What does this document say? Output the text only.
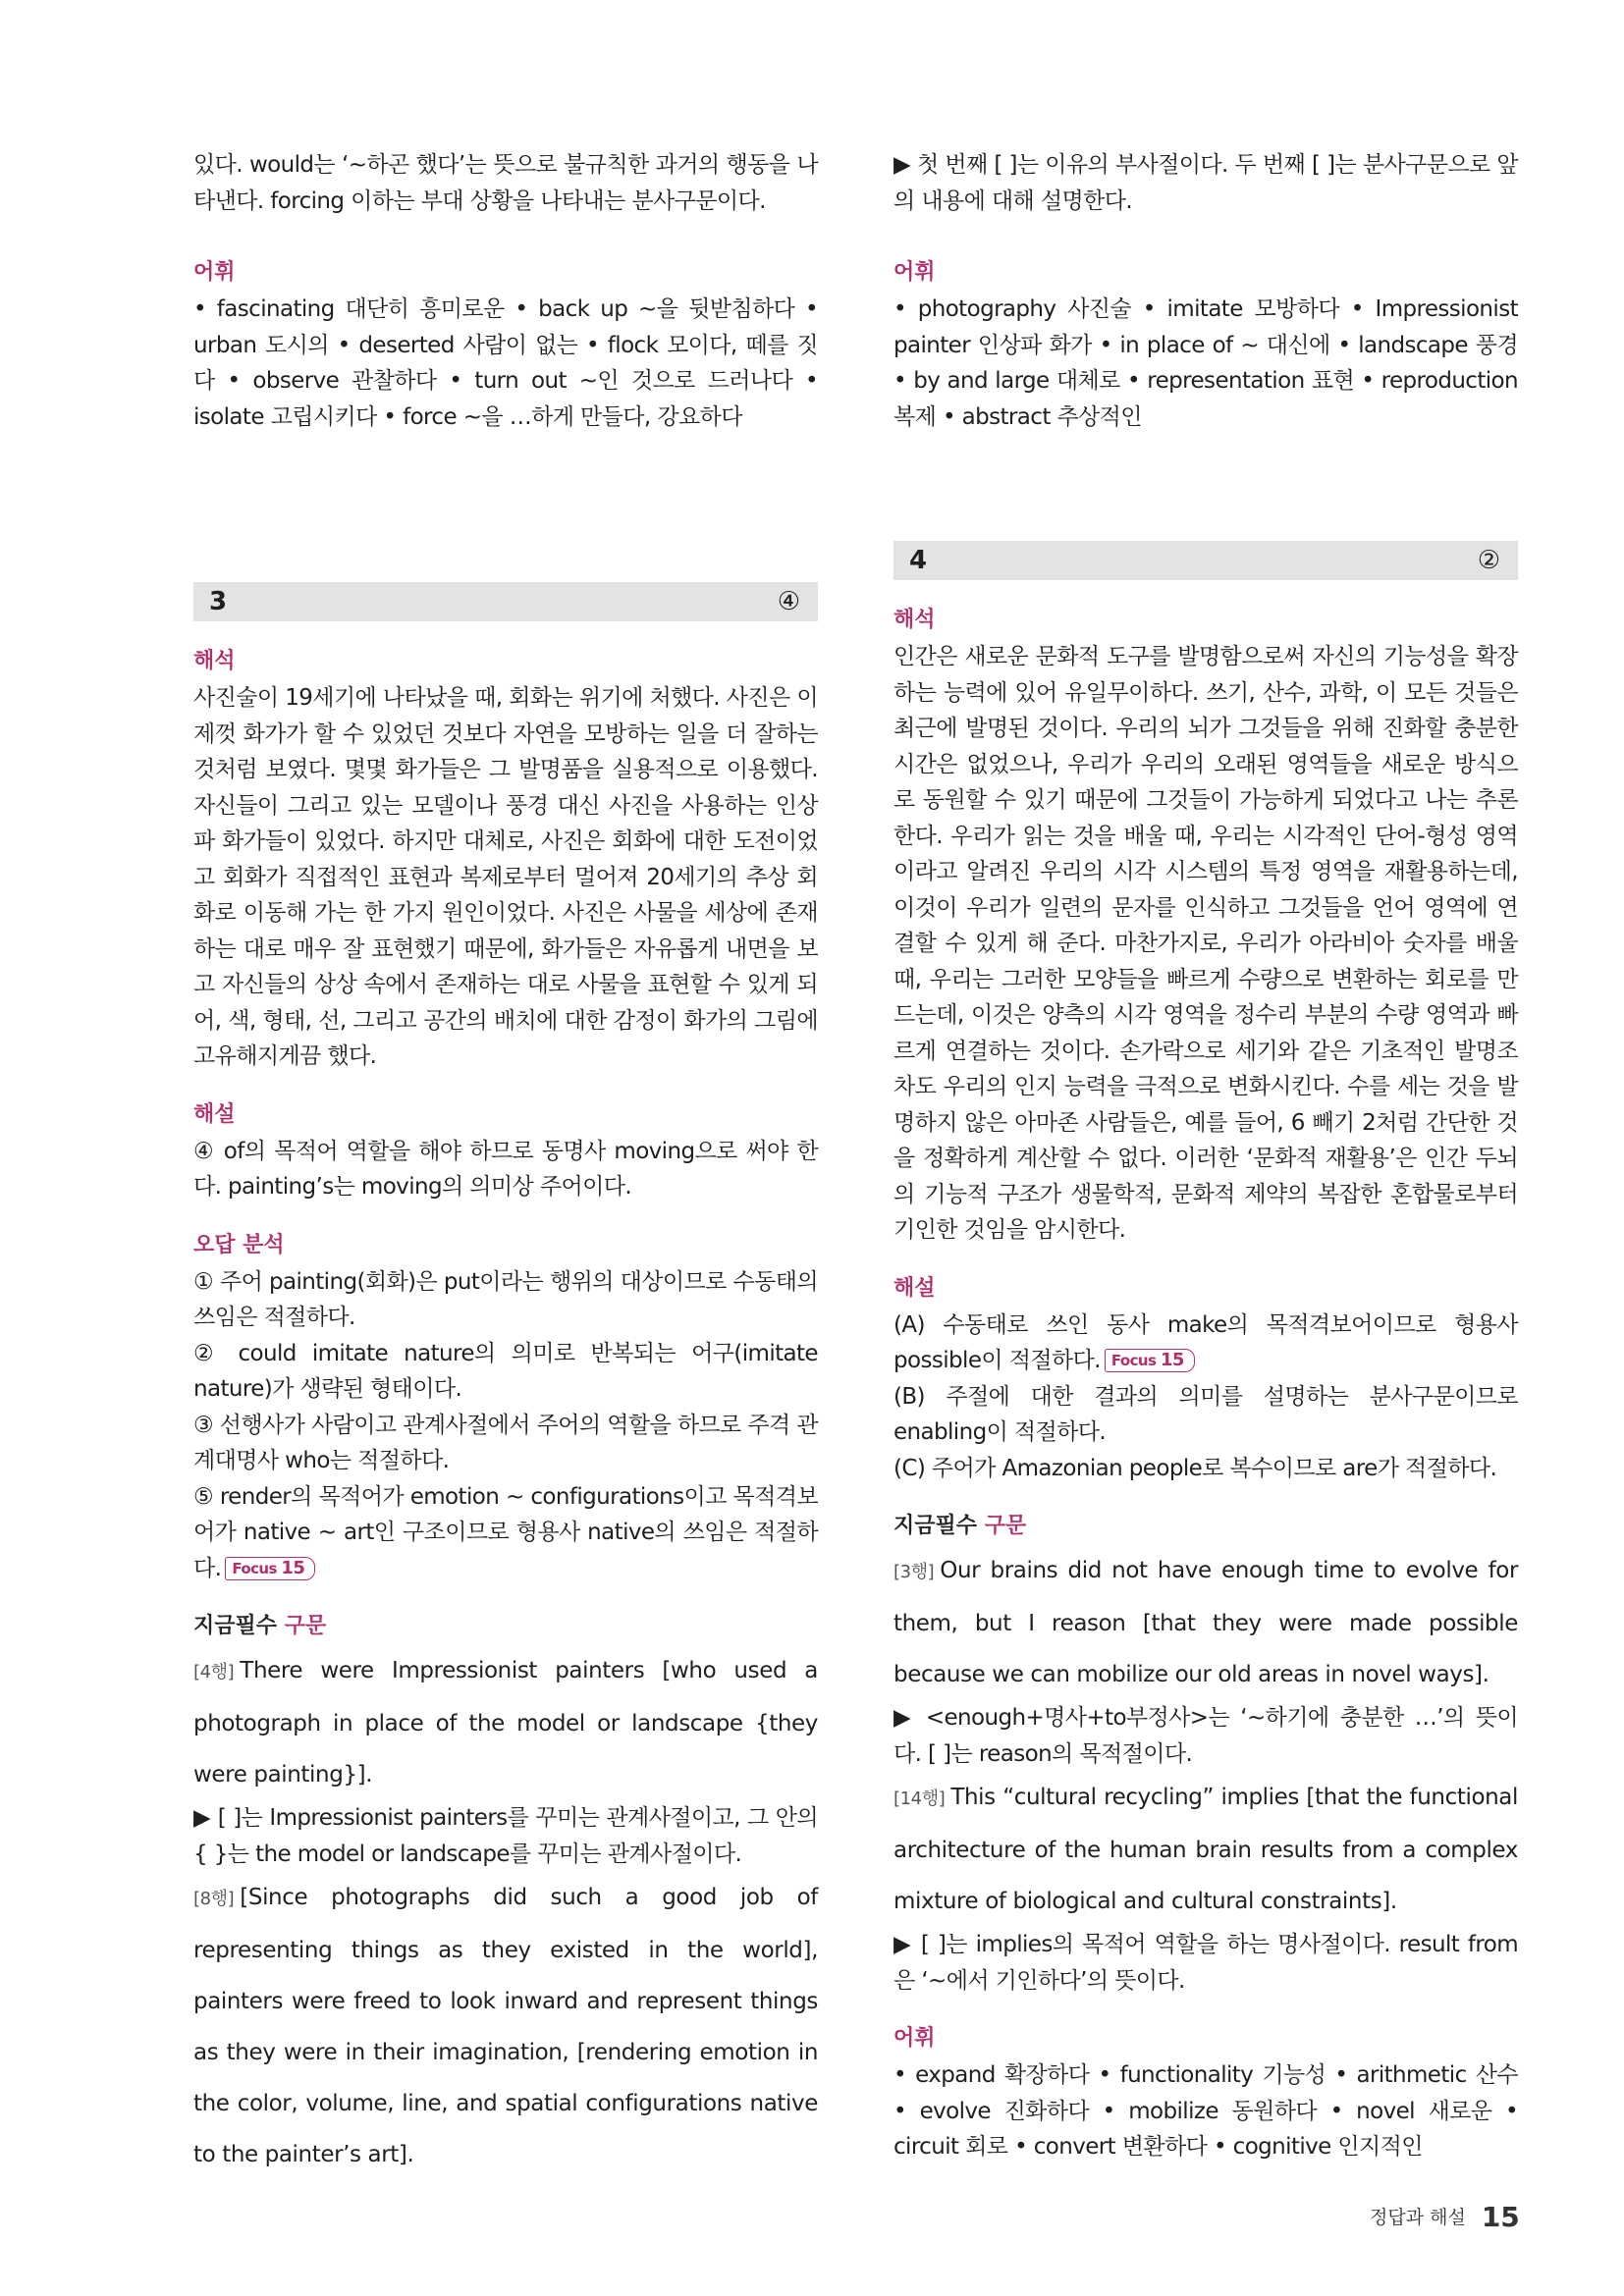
있다. would는 ‘~하곤 했다’는 뜻으로 불규칙한 과거의 행동을 나타낸다. forcing 이하는 부대 상황을 나타내는 분사구문이다.

어휘

• fascinating 대단히 흥미로운 • back up ~을 뒷받침하다 • urban 도시의 • deserted 사람이 없는 • flock 모이다, 떼를 짓다 • observe 관찰하다 • turn out ~인 것으로 드러나다 • isolate 고립시키다 • force ~을 …하게 만들다, 강요하다

3	④
해석

사진술이 19세기에 나타났을 때, 회화는 위기에 처했다. 사진은 이제껏 화가가 할 수 있었던 것보다 자연을 모방하는 일을 더 잘하는 것처럼 보였다. 몇몇 화가들은 그 발명품을 실용적으로 이용했다. 자신들이 그리고 있는 모델이나 풍경 대신 사진을 사용하는 인상파 화가들이 있었다. 하지만 대체로, 사진은 회화에 대한 도전이었고 회화가 직접적인 표현과 복제로부터 멀어져 20세기의 추상 회화로 이동해 가는 한 가지 원인이었다. 사진은 사물을 세상에 존재하는 대로 매우 잘 표현했기 때문에, 화가들은 자유롭게 내면을 보고 자신들의 상상 속에서 존재하는 대로 사물을 표현할 수 있게 되어, 색, 형태, 선, 그리고 공간의 배치에 대한 감정이 화가의 그림에 고유해지게끔 했다.

해설

④ of의 목적어 역할을 해야 하므로 동명사 moving으로 써야 한다. painting’s는 moving의 의미상 주어이다.

오답 분석

① 주어 painting(회화)은 put이라는 행위의 대상이므로 수동태의 쓰임은 적절하다.

② could imitate nature의 의미로 반복되는 어구(imitate nature)가 생략된 형태이다.

③ 선행사가 사람이고 관계사절에서 주어의 역할을 하므로 주격 관계대명사 who는 적절하다.

⑤ render의 목적어가 emotion ~ configurations이고 목적격보어가 native ~ art인 구조이므로 형용사 native의 쓰임은 적절하다. Focus 15

지금필수 구문

[4행] There were Impressionist painters [who used a photograph in place of the model or landscape {they were painting}].

▶ [ ]는 Impressionist painters를 꾸미는 관계사절이고, 그 안의 { }는 the model or landscape를 꾸미는 관계사절이다.

[8행] [Since photographs did such a good job of representing things as they existed in the world], painters were freed to look inward and represent things as they were in their imagination, [rendering emotion in the color, volume, line, and spatial configurations native to the painter’s art].

▶ 첫 번째 [ ]는 이유의 부사절이다. 두 번째 [ ]는 분사구문으로 앞의 내용에 대해 설명한다.

어휘

• photography 사진술 • imitate 모방하다 • Impressionist painter 인상파 화가 • in place of ~ 대신에 • landscape 풍경 • by and large 대체로 • representation 표현 • reproduction 복제 • abstract 추상적인

4	②
해석

인간은 새로운 문화적 도구를 발명함으로써 자신의 기능성을 확장하는 능력에 있어 유일무이하다. 쓰기, 산수, 과학, 이 모든 것들은 최근에 발명된 것이다. 우리의 뇌가 그것들을 위해 진화할 충분한 시간은 없었으나, 우리가 우리의 오래된 영역들을 새로운 방식으로 동원할 수 있기 때문에 그것들이 가능하게 되었다고 나는 추론한다. 우리가 읽는 것을 배울 때, 우리는 시각적인 단어-형성 영역이라고 알려진 우리의 시각 시스템의 특정 영역을 재활용하는데, 이것이 우리가 일련의 문자를 인식하고 그것들을 언어 영역에 연결할 수 있게 해 준다. 마찬가지로, 우리가 아라비아 숫자를 배울 때, 우리는 그러한 모양들을 빠르게 수량으로 변환하는 회로를 만드는데, 이것은 양측의 시각 영역을 정수리 부분의 수량 영역과 빠르게 연결하는 것이다. 손가락으로 세기와 같은 기초적인 발명조차도 우리의 인지 능력을 극적으로 변화시킨다. 수를 세는 것을 발명하지 않은 아마존 사람들은, 예를 들어, 6 빼기 2처럼 간단한 것을 정확하게 계산할 수 없다. 이러한 ‘문화적 재활용’은 인간 두뇌의 기능적 구조가 생물학적, 문화적 제약의 복잡한 혼합물로부터 기인한 것임을 암시한다.

해설

(A) 수동태로 쓰인 동사 make의 목적격보어이므로 형용사 possible이 적절하다. Focus 15

(B) 주절에 대한 결과의 의미를 설명하는 분사구문이므로 enabling이 적절하다.

(C) 주어가 Amazonian people로 복수이므로 are가 적절하다.

지금필수 구문

[3행] Our brains did not have enough time to evolve for them, but I reason [that they were made possible because we can mobilize our old areas in novel ways].

▶ <enough+명사+to부정사>는 ‘~하기에 충분한 …’의 뜻이다. [ ]는 reason의 목적절이다.

[14행] This “cultural recycling” implies [that the functional architecture of the human brain results from a complex mixture of biological and cultural constraints].

▶ [ ]는 implies의 목적어 역할을 하는 명사절이다. result from은 ‘~에서 기인하다’의 뜻이다.

어휘

• expand 확장하다 • functionality 기능성 • arithmetic 산수 • evolve 진화하다 • mobilize 동원하다 • novel 새로운 • circuit 회로 • convert 변환하다 • cognitive 인지적인

정답과 해설 15
